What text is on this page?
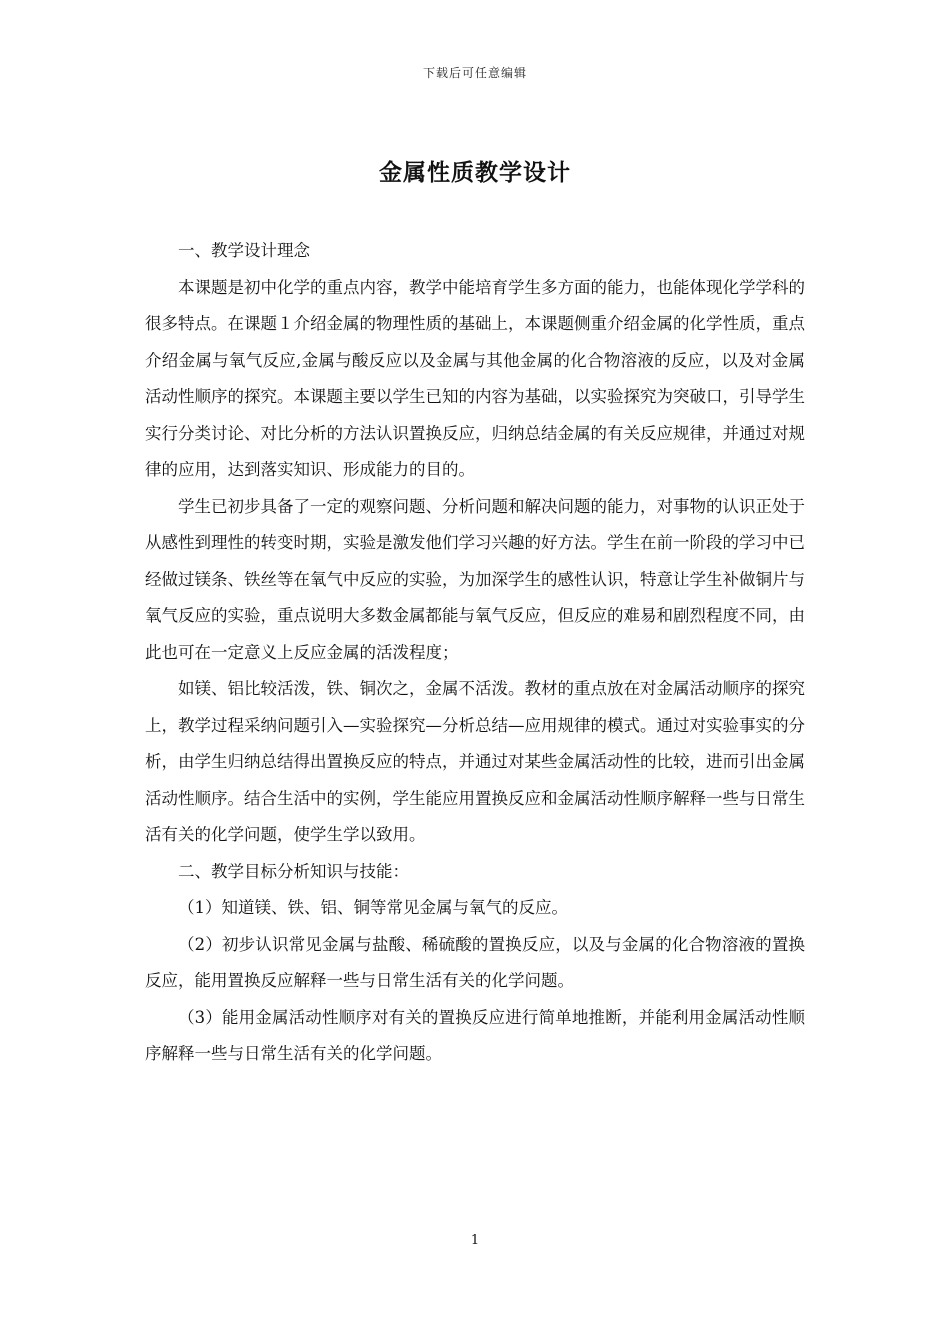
下载后可任意编辑
金属性质教学设计

一、教学设计理念

本课题是初中化学的重点内容，教学中能培育学生多方面的能力，也能体现化学学科的很多特点。在课题１介绍金属的物理性质的基础上，本课题侧重介绍金属的化学性质，重点介绍金属与氧气反应,金属与酸反应以及金属与其他金属的化合物溶液的反应，以及对金属活动性顺序的探究。本课题主要以学生已知的内容为基础，以实验探究为突破口，引导学生实行分类讨论、对比分析的方法认识置换反应，归纳总结金属的有关反应规律，并通过对规律的应用，达到落实知识、形成能力的目的。

学生已初步具备了一定的观察问题、分析问题和解决问题的能力，对事物的认识正处于从感性到理性的转变时期，实验是激发他们学习兴趣的好方法。学生在前一阶段的学习中已经做过镁条、铁丝等在氧气中反应的实验，为加深学生的感性认识，特意让学生补做铜片与氧气反应的实验，重点说明大多数金属都能与氧气反应，但反应的难易和剧烈程度不同，由此也可在一定意义上反应金属的活泼程度；

如镁、铝比较活泼，铁、铜次之，金属不活泼。教材的重点放在对金属活动顺序的探究上，教学过程采纳问题引入—实验探究—分析总结—应用规律的模式。通过对实验事实的分析，由学生归纳总结得出置换反应的特点，并通过对某些金属活动性的比较，进而引出金属活动性顺序。结合生活中的实例，学生能应用置换反应和金属活动性顺序解释一些与日常生活有关的化学问题，使学生学以致用。

二、教学目标分析知识与技能：

（1）知道镁、铁、铝、铜等常见金属与氧气的反应。

（2）初步认识常见金属与盐酸、稀硫酸的置换反应，以及与金属的化合物溶液的置换反应，能用置换反应解释一些与日常生活有关的化学问题。

（3）能用金属活动性顺序对有关的置换反应进行简单地推断，并能利用金属活动性顺序解释一些与日常生活有关的化学问题。

1
